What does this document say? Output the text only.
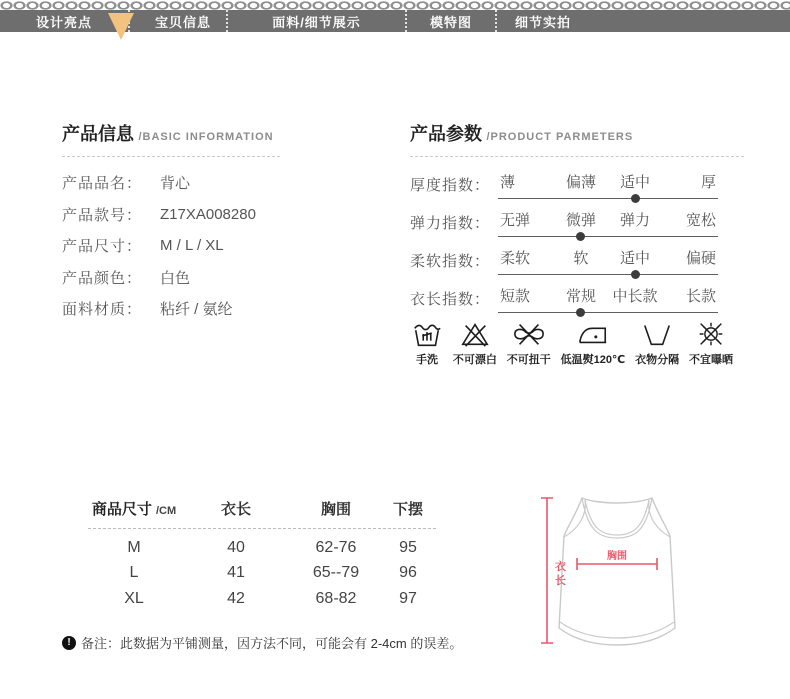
设计亮点	宝贝信息	面料/细节展示	模特图	细节实拍
产品信息 /BASIC INFORMATION
产品品名：	背心
产品款号：	Z17XA008280
产品尺寸：	M / L / XL
产品颜色：	白色
面料材质：	粘纤 / 氨纶
产品参数 /PRODUCT PARMETERS
厚度指数： 薄	偏薄	适中	厚
弹力指数： 无弹	微弹	弹力	宽松
柔软指数： 柔软	软	适中	偏硬
衣长指数： 短款	常规	中长款	长款
手洗 不可漂白 不可扭干 低温熨120℃ 衣物分隔 不宜曝晒
商品尺寸 /CM	衣长	胸围	下摆
M	40	62-76	95
L	41	65--79	96
XL	42	68-82	97
! 备注：此数据为平铺测量，因方法不同，可能会有 2-4cm 的误差。
衣
长
胸围
